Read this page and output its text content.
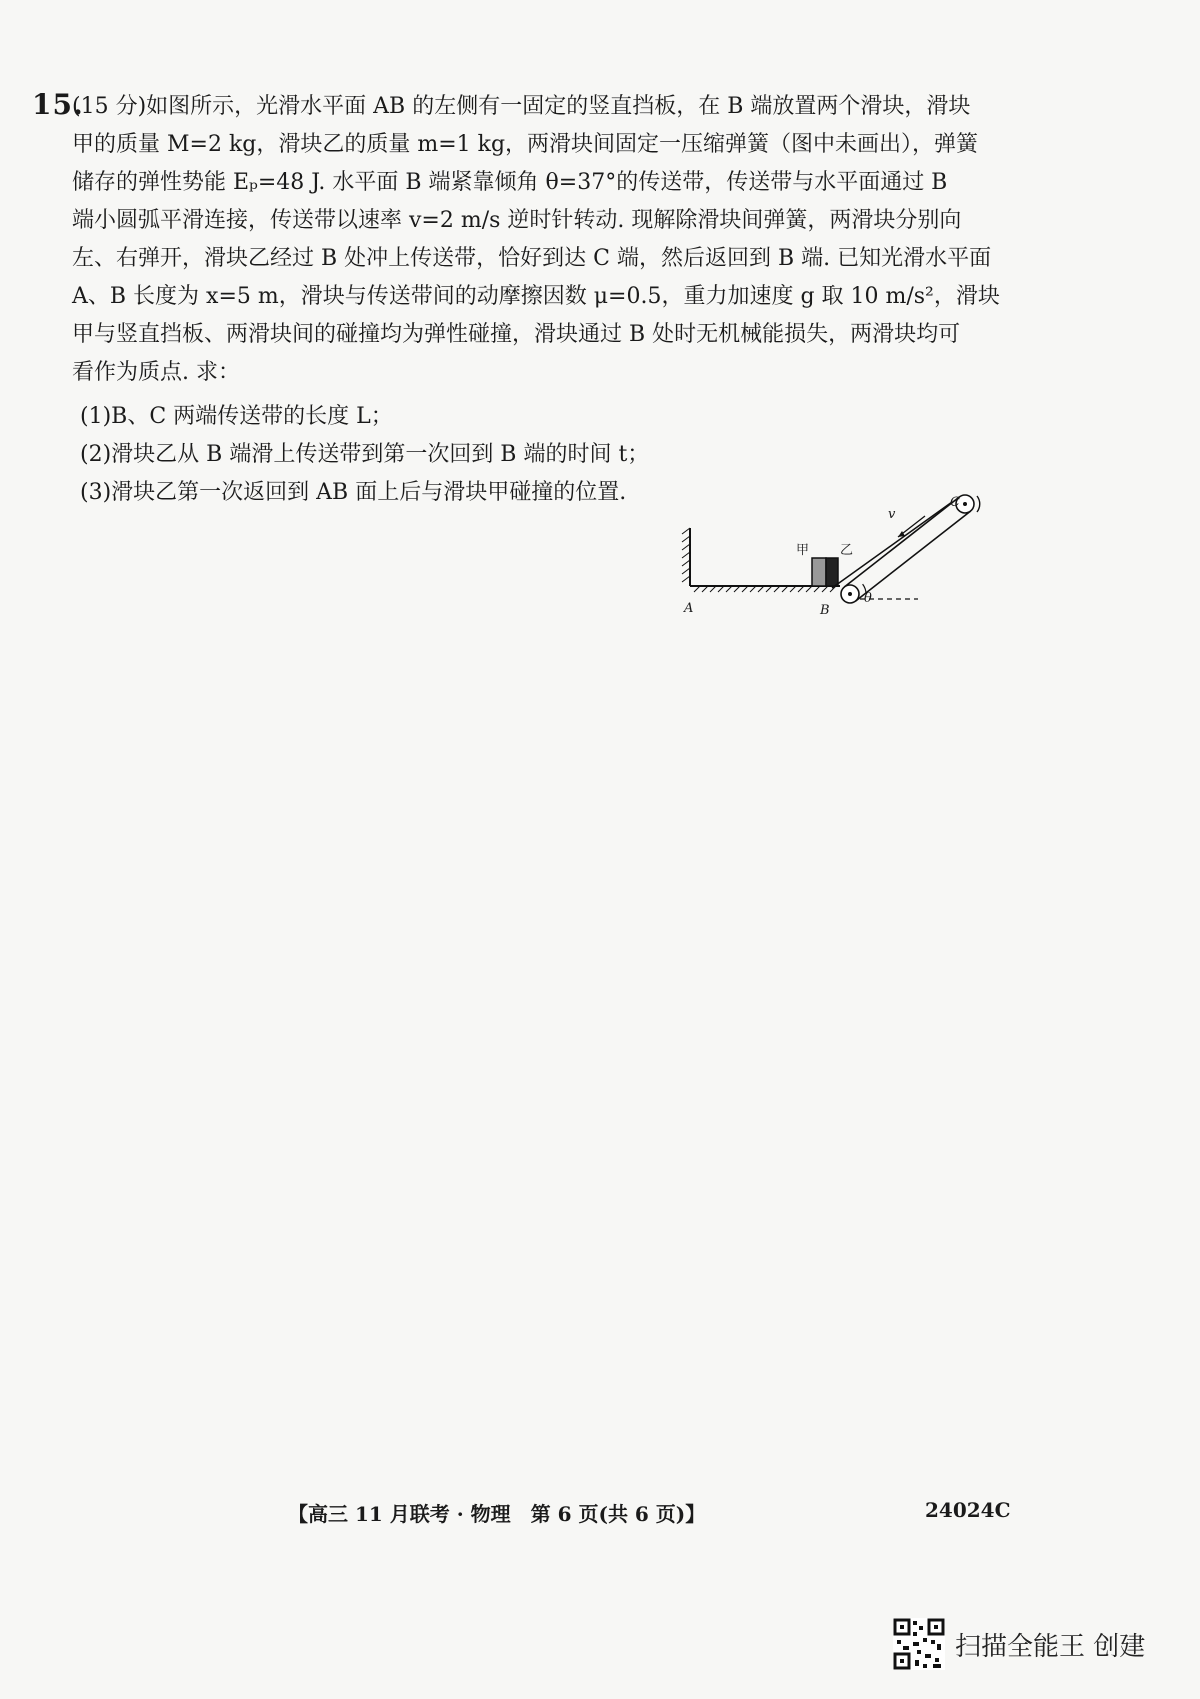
15.
(15 分)如图所示，光滑水平面 AB 的左侧有一固定的竖直挡板，在 B 端放置两个滑块，滑块
甲的质量 M=2 kg，滑块乙的质量 m=1 kg，两滑块间固定一压缩弹簧（图中未画出），弹簧
储存的弹性势能 Eₚ=48 J. 水平面 B 端紧靠倾角 θ=37°的传送带，传送带与水平面通过 B
端小圆弧平滑连接，传送带以速率 v=2 m/s 逆时针转动. 现解除滑块间弹簧，两滑块分别向
左、右弹开，滑块乙经过 B 处冲上传送带，恰好到达 C 端，然后返回到 B 端. 已知光滑水平面
A、B 长度为 x=5 m，滑块与传送带间的动摩擦因数 μ=0.5，重力加速度 g 取 10 m/s²，滑块
甲与竖直挡板、两滑块间的碰撞均为弹性碰撞，滑块通过 B 处时无机械能损失，两滑块均可
看作为质点. 求：
(1)B、C 两端传送带的长度 L；
(2)滑块乙从 B 端滑上传送带到第一次回到 B 端的时间 t；
(3)滑块乙第一次返回到 AB 面上后与滑块甲碰撞的位置.
A	B
C
v
θ
甲 乙
【高三 11 月联考 · 物理　第 6 页(共 6 页)】	24024C
扫描全能王 创建
